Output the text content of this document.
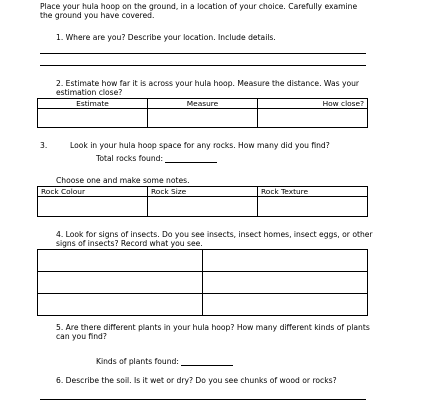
Place your hula hoop on the ground, in a location of your choice. Carefully examine the ground you have covered.
1. Where are you? Describe your location. Include details.
2. Estimate how far it is across your hula hoop. Measure the distance. Was your estimation close?
Estimate	Measure	How close?

3.	Look in your hula hoop space for any rocks. How many did you find?
Total rocks found:
Choose one and make some notes.
Rock Colour	Rock Size	Rock Texture

4. Look for signs of insects. Do you see insects, insect homes, insect eggs, or other signs of insects? Record what you see.

5. Are there different plants in your hula hoop? How many different kinds of plants can you find?
Kinds of plants found:
6. Describe the soil. Is it wet or dry? Do you see chunks of wood or rocks?
